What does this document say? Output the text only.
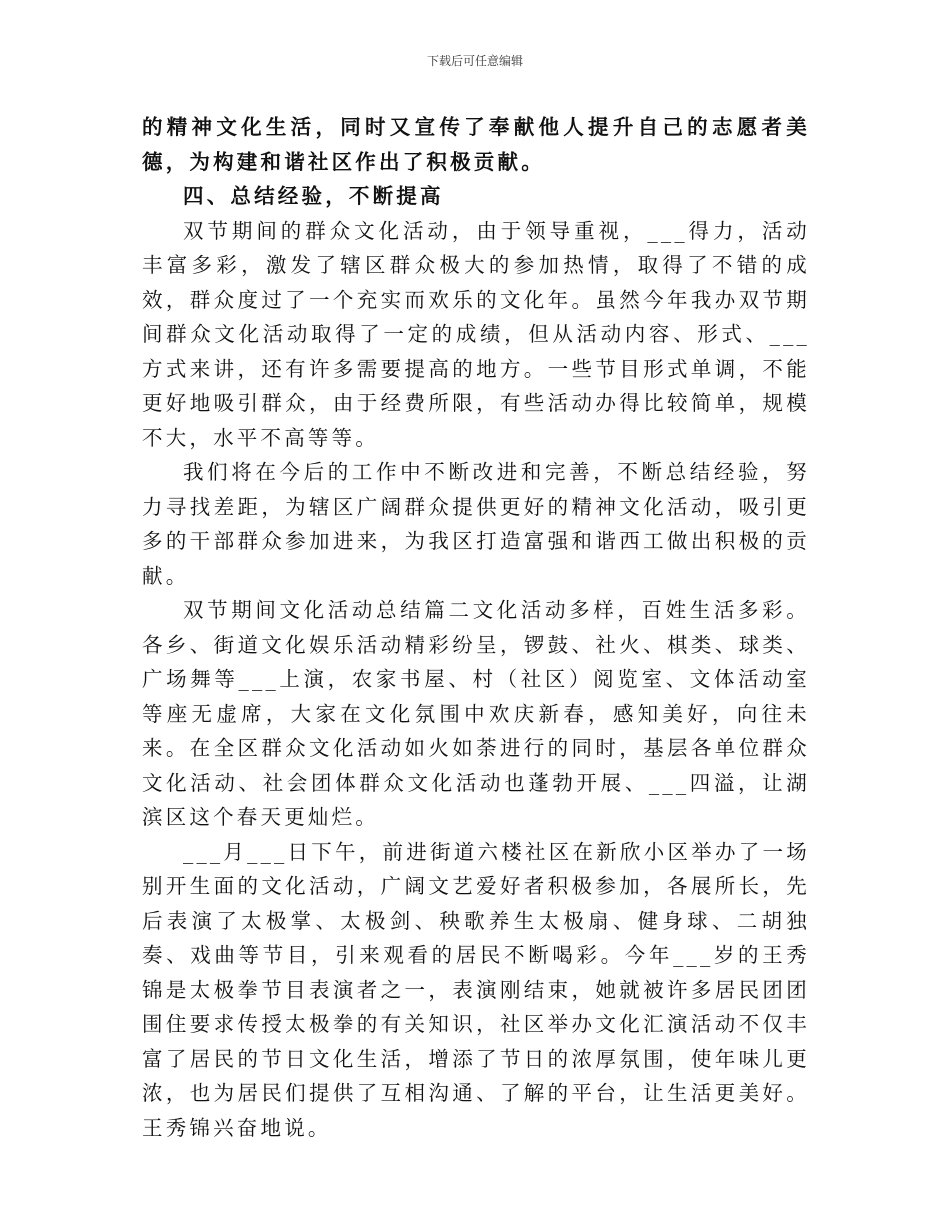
下载后可任意编辑

的精神文化生活，同时又宣传了奉献他人提升自己的志愿者美德，为构建和谐社区作出了积极贡献。

四、总结经验，不断提高

双节期间的群众文化活动，由于领导重视，___得力，活动丰富多彩，激发了辖区群众极大的参加热情，取得了不错的成效，群众度过了一个充实而欢乐的文化年。虽然今年我办双节期间群众文化活动取得了一定的成绩，但从活动内容、形式、___方式来讲，还有许多需要提高的地方。一些节目形式单调，不能更好地吸引群众，由于经费所限，有些活动办得比较简单，规模不大，水平不高等等。

我们将在今后的工作中不断改进和完善，不断总结经验，努力寻找差距，为辖区广阔群众提供更好的精神文化活动，吸引更多的干部群众参加进来，为我区打造富强和谐西工做出积极的贡献。

双节期间文化活动总结篇二文化活动多样，百姓生活多彩。各乡、街道文化娱乐活动精彩纷呈，锣鼓、社火、棋类、球类、广场舞等___上演，农家书屋、村（社区）阅览室、文体活动室等座无虚席，大家在文化氛围中欢庆新春，感知美好，向往未来。在全区群众文化活动如火如荼进行的同时，基层各单位群众文化活动、社会团体群众文化活动也蓬勃开展、___四溢，让湖滨区这个春天更灿烂。

___月___日下午，前进街道六楼社区在新欣小区举办了一场别开生面的文化活动，广阔文艺爱好者积极参加，各展所长，先后表演了太极掌、太极剑、秧歌养生太极扇、健身球、二胡独奏、戏曲等节目，引来观看的居民不断喝彩。今年___岁的王秀锦是太极拳节目表演者之一，表演刚结束，她就被许多居民团团围住要求传授太极拳的有关知识，社区举办文化汇演活动不仅丰富了居民的节日文化生活，增添了节日的浓厚氛围，使年味儿更浓，也为居民们提供了互相沟通、了解的平台，让生活更美好。王秀锦兴奋地说。
